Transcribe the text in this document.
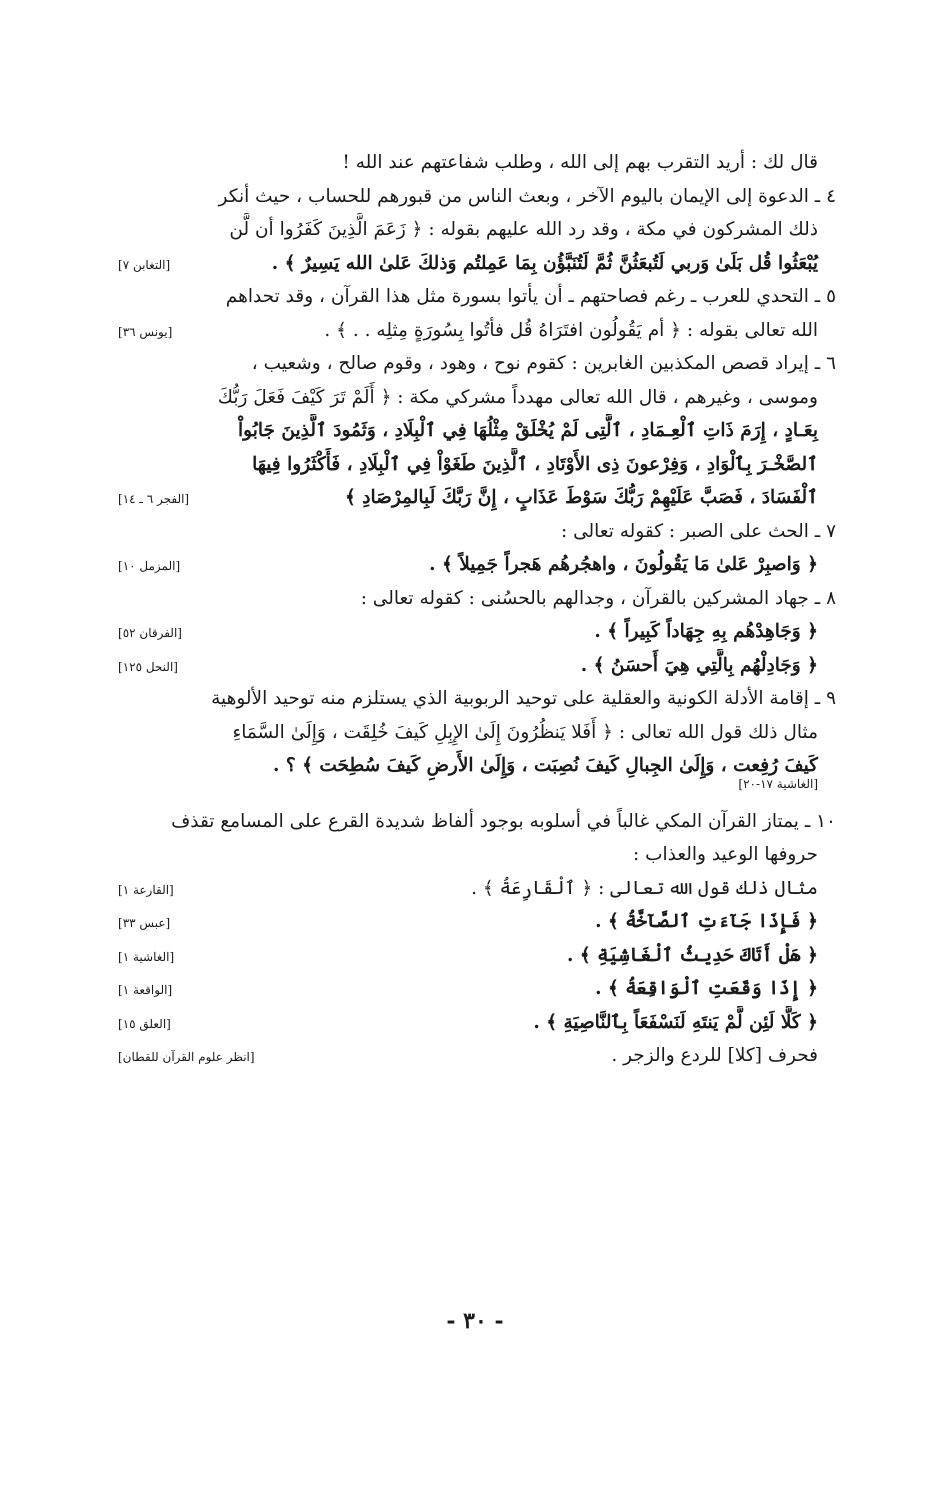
قال لك : أريد التقرب بهم إلى الله ، وطلب شفاعتهم عند الله !
٤ ـ الدعوة إلى الإيمان باليوم الآخر ، وبعث الناس من قبورهم للحساب ، حيث أنكر
ذلك المشركون في مكة ، وقد رد الله عليهم بقوله : ﴿ زَعَمَ الَّذِينَ كَفَرُوا أن لَّن
يُبْعَثُوا قُل بَلَىٰ وَربي لَتُبعَثُنَّ ثُمَّ لَتُنَبَّؤُن بِمَا عَمِلتُم وَذلكَ عَلىٰ الله يَسِيرٌ ﴾ .
[التغابن ٧]
٥ ـ التحدي للعرب ـ رغم فصاحتهم ـ أن يأتوا بسورة مثل هذا القرآن ، وقد تحداهم
الله تعالى بقوله : ﴿ أم يَقُولُون افتَرَاهُ قُل فأتُوا بِسُورَةٍ مِثلِه . . ﴾ .
[يونس ٣٦]
٦ ـ إيراد قصص المكذبين الغابرين : كقوم نوح ، وهود ، وقوم صالح ، وشعيب ،
وموسى ، وغيرهم ، قال الله تعالى مهدداً مشركي مكة : ﴿ أَلَمْ تَرَ كَيْفَ فَعَلَ رَبُّكَ
بِعَـادٍ ، إِرَمَ ذَاتِ ٱلْعِـمَادِ ، ٱلَّتِى لَمْ يُخْلَقْ مِثْلُهَا فِي ٱلْبِلَادِ ، وَثَمُودَ ٱلَّذِينَ جَابُواْ
ٱلصَّخْـرَ بِٱلْوَادِ ، وَفِرْعونَ ذِى الأَوْتَادِ ، ٱلَّذِينَ طَغَوْاْ فِي ٱلْبِلَادِ ، فَأَكْثَرُوا فِيهَا
ٱلْفَسَادَ ، فَصَبَّ عَلَيْهِمْ رَبُّكَ سَوْطَ عَذَابٍ ، إِنَّ رَبَّكَ لَبِالمِرْصَادِ ﴾
[الفجر ٦ ـ ١٤]
٧ ـ الحث على الصبر : كقوله تعالى :
﴿ وَاصبِرْ عَلىٰ مَا يَقُولُونَ ، واهجُرهُم هَجراً جَمِيلاً ﴾ .
[المزمل ١٠]
٨ ـ جهاد المشركين بالقرآن ، وجدالهم بالحسُنى : كقوله تعالى :
﴿ وَجَاهِدْهُم بِهِ جِهَاداً كَبِيراً ﴾ .
[الفرقان ٥٢]
﴿ وَجَادِلْهُم بِالَّتِي هِيَ أَحسَنُ ﴾ .
[النحل ١٢٥]
٩ ـ إقامة الأدلة الكونية والعقلية على توحيد الربوبية الذي يستلزم منه توحيد الألوهية
مثال ذلك قول الله تعالى : ﴿ أَفَلا يَنظُرُونَ إِلَىٰ الإِبِلِ كَيفَ خُلِقَت ، وَإِلَىٰ السَّمَاءِ
كَيفَ رُفِعت ، وَإِلَىٰ الجِبالِ كَيفَ نُصِبَت ، وَإِلَىٰ الأَرضِ كَيفَ سُطِحَت ﴾ ؟ .
[الغاشية ١٧-٢٠]
١٠ ـ يمتاز القرآن المكي غالباً في أسلوبه بوجود ألفاظ شديدة القرع على المسامع تقذف
حروفها الوعيد والعذاب :
مثال ذلك قول الله تعالى : ﴿ ٱلْقَارِعَةُ ﴾ .
[القارعة ١]
﴿ فَإِذَا جَآءَتِ ٱلصَّآخَّةُ ﴾ .
[عبس ٣٣]
﴿ هَلْ أَتَاكَ حَدِيثُ ٱلْغَاشِيَةِ ﴾ .
[الغاشية ١]
﴿ إِذَا وَقَعَتِ ٱلْوَاقِعَةُ ﴾ .
[الواقعة ١]
﴿ كَلَّا لَئِن لَّمْ يَنتَهِ لَنَسْفَعَاً بِٱلنَّاصِيَةِ ﴾ .
[العلق ١٥]
فحرف [كلا] للردع والزجر .
[انظر علوم القرآن للقطان]
- ٣٠ -
